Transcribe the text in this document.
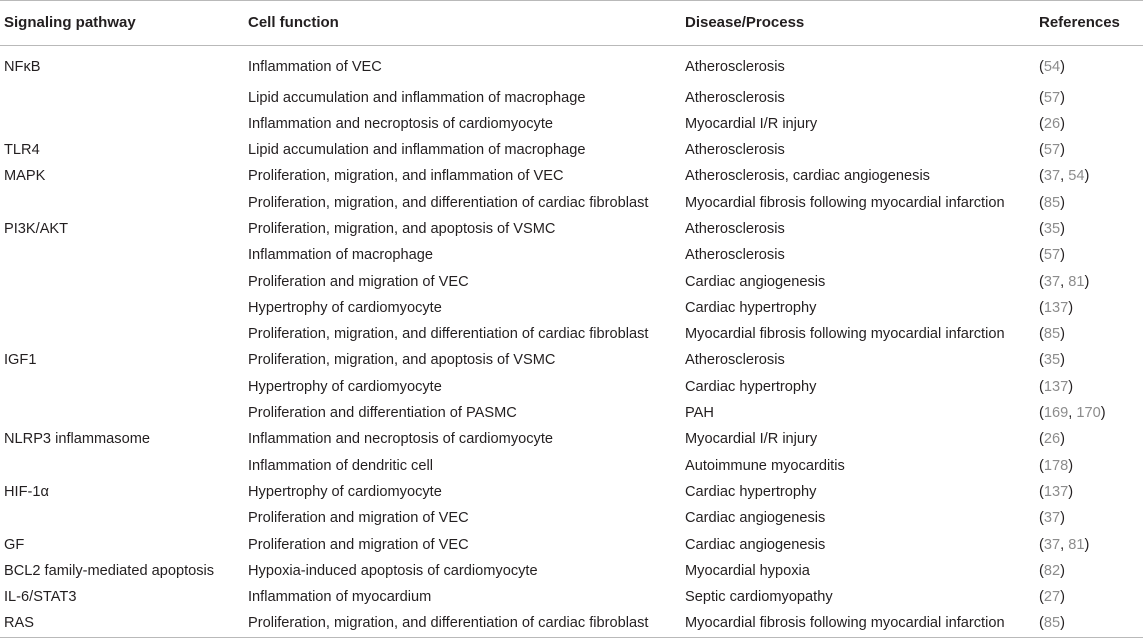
Signaling pathway	Cell function	Disease/Process	References
NFκB	Inflammation of VEC	Atherosclerosis	(54)
	Lipid accumulation and inflammation of macrophage	Atherosclerosis	(57)
	Inflammation and necroptosis of cardiomyocyte	Myocardial I/R injury	(26)
TLR4	Lipid accumulation and inflammation of macrophage	Atherosclerosis	(57)
MAPK	Proliferation, migration, and inflammation of VEC	Atherosclerosis, cardiac angiogenesis	(37, 54)
	Proliferation, migration, and differentiation of cardiac fibroblast	Myocardial fibrosis following myocardial infarction	(85)
PI3K/AKT	Proliferation, migration, and apoptosis of VSMC	Atherosclerosis	(35)
	Inflammation of macrophage	Atherosclerosis	(57)
	Proliferation and migration of VEC	Cardiac angiogenesis	(37, 81)
	Hypertrophy of cardiomyocyte	Cardiac hypertrophy	(137)
	Proliferation, migration, and differentiation of cardiac fibroblast	Myocardial fibrosis following myocardial infarction	(85)
IGF1	Proliferation, migration, and apoptosis of VSMC	Atherosclerosis	(35)
	Hypertrophy of cardiomyocyte	Cardiac hypertrophy	(137)
	Proliferation and differentiation of PASMC	PAH	(169, 170)
NLRP3 inflammasome	Inflammation and necroptosis of cardiomyocyte	Myocardial I/R injury	(26)
	Inflammation of dendritic cell	Autoimmune myocarditis	(178)
HIF-1α	Hypertrophy of cardiomyocyte	Cardiac hypertrophy	(137)
	Proliferation and migration of VEC	Cardiac angiogenesis	(37)
GF	Proliferation and migration of VEC	Cardiac angiogenesis	(37, 81)
BCL2 family-mediated apoptosis	Hypoxia-induced apoptosis of cardiomyocyte	Myocardial hypoxia	(82)
IL-6/STAT3	Inflammation of myocardium	Septic cardiomyopathy	(27)
RAS	Proliferation, migration, and differentiation of cardiac fibroblast	Myocardial fibrosis following myocardial infarction	(85)
